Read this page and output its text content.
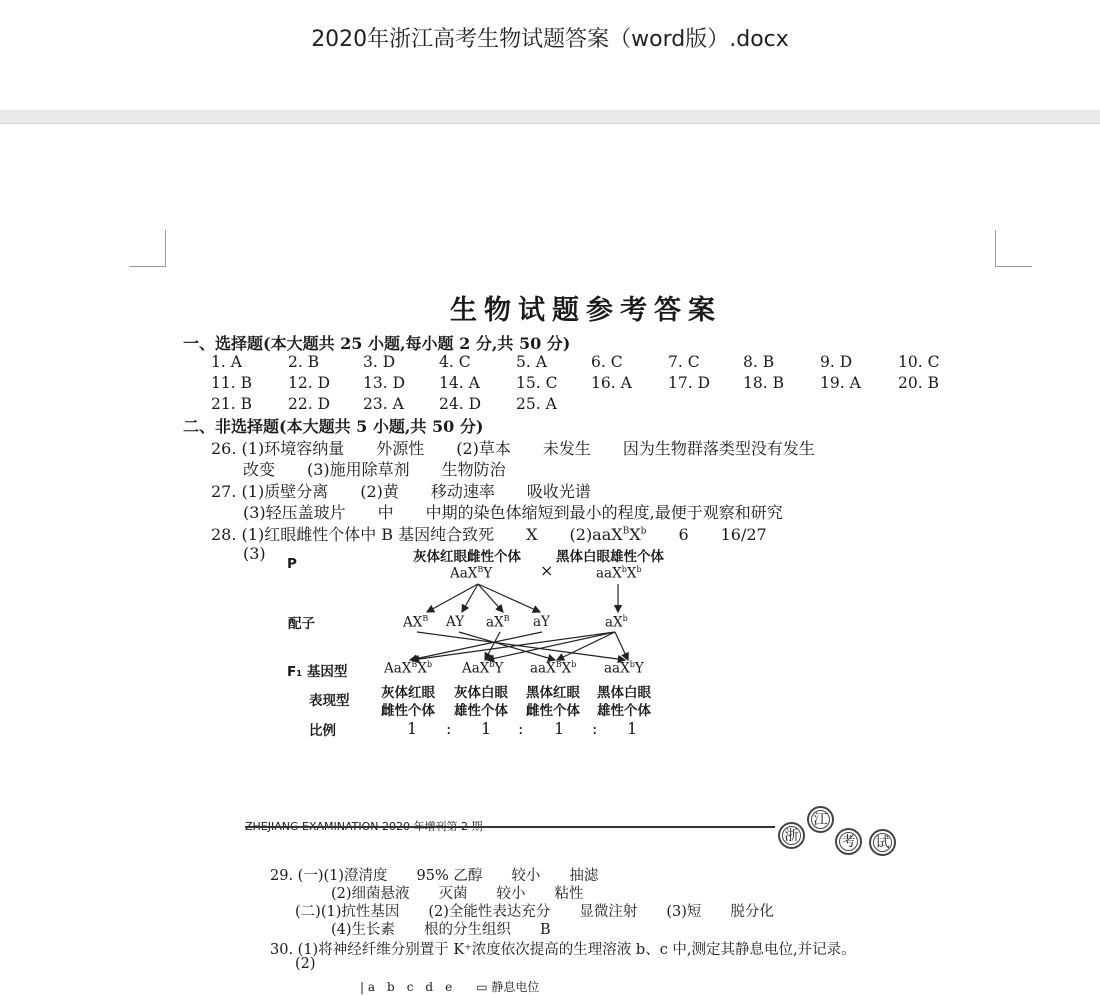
2020年浙江高考生物试题答案（word版）.docx
生物试题参考答案
一、选择题(本大题共 25 小题,每小题 2 分,共 50 分)
1. A	2. B	3. D	4. C	5. A	6. C	7. C	8. B	9. D	10. C
11. B 12. D 13. D 14. A 15. C 16. A 17. D 18. B 19. A 20. B
21. B 22. D 23. A 24. D 25. A
二、非选择题(本大题共 5 小题,共 50 分)
26. (1)环境容纳量　　外源性　　(2)草本　　未发生　　因为生物群落类型没有发生
改变　　(3)施用除草剂　　生物防治
27. (1)质壁分离　　(2)黄　　移动速率　　吸收光谱
(3)轻压盖玻片　　中　　中期的染色体缩短到最小的程度,最便于观察和研究
28. (1)红眼雌性个体中 B 基因纯合致死　　X　　$(2)aaX^BX^b$　　6　　16/27
(3)
P	灰体红眼雌性个体	黑体白眼雄性个体
×
AaX$^B$Y	$aaX^bX^b$
配子	$AX^B$ AY $aX^B$ aY	$aX^b$
F₁ 基因型	$AaX^BX^b$ AaX$^b$Y $aaX^BX^b$ aaX$^b$Y
表现型 灰体红眼 灰体白眼 黑体红眼 黑体白眼
雌性个体 雄性个体 雌性个体 雄性个体
比例	1 : 1 : 1 : 1
ZHEJIANG EXAMINATION 2020 年增刊第 2 期
浙
江
考	试
29. (一)(1)澄清度　　95% 乙醇　　较小　　抽滤
(2)细菌悬液　　灭菌　　较小　　粘性
(二)(1)抗性基因　　(2)全能性表达充分　　显微注射　　(3)短　　脱分化
(4)生长素　　根的分生组织　　B
30. (1)将神经纤维分别置于 K⁺浓度依次提高的生理溶液 b、c 中,测定其静息电位,并记录。
(2)
| a　b　c　d　e　　▭ 静息电位
